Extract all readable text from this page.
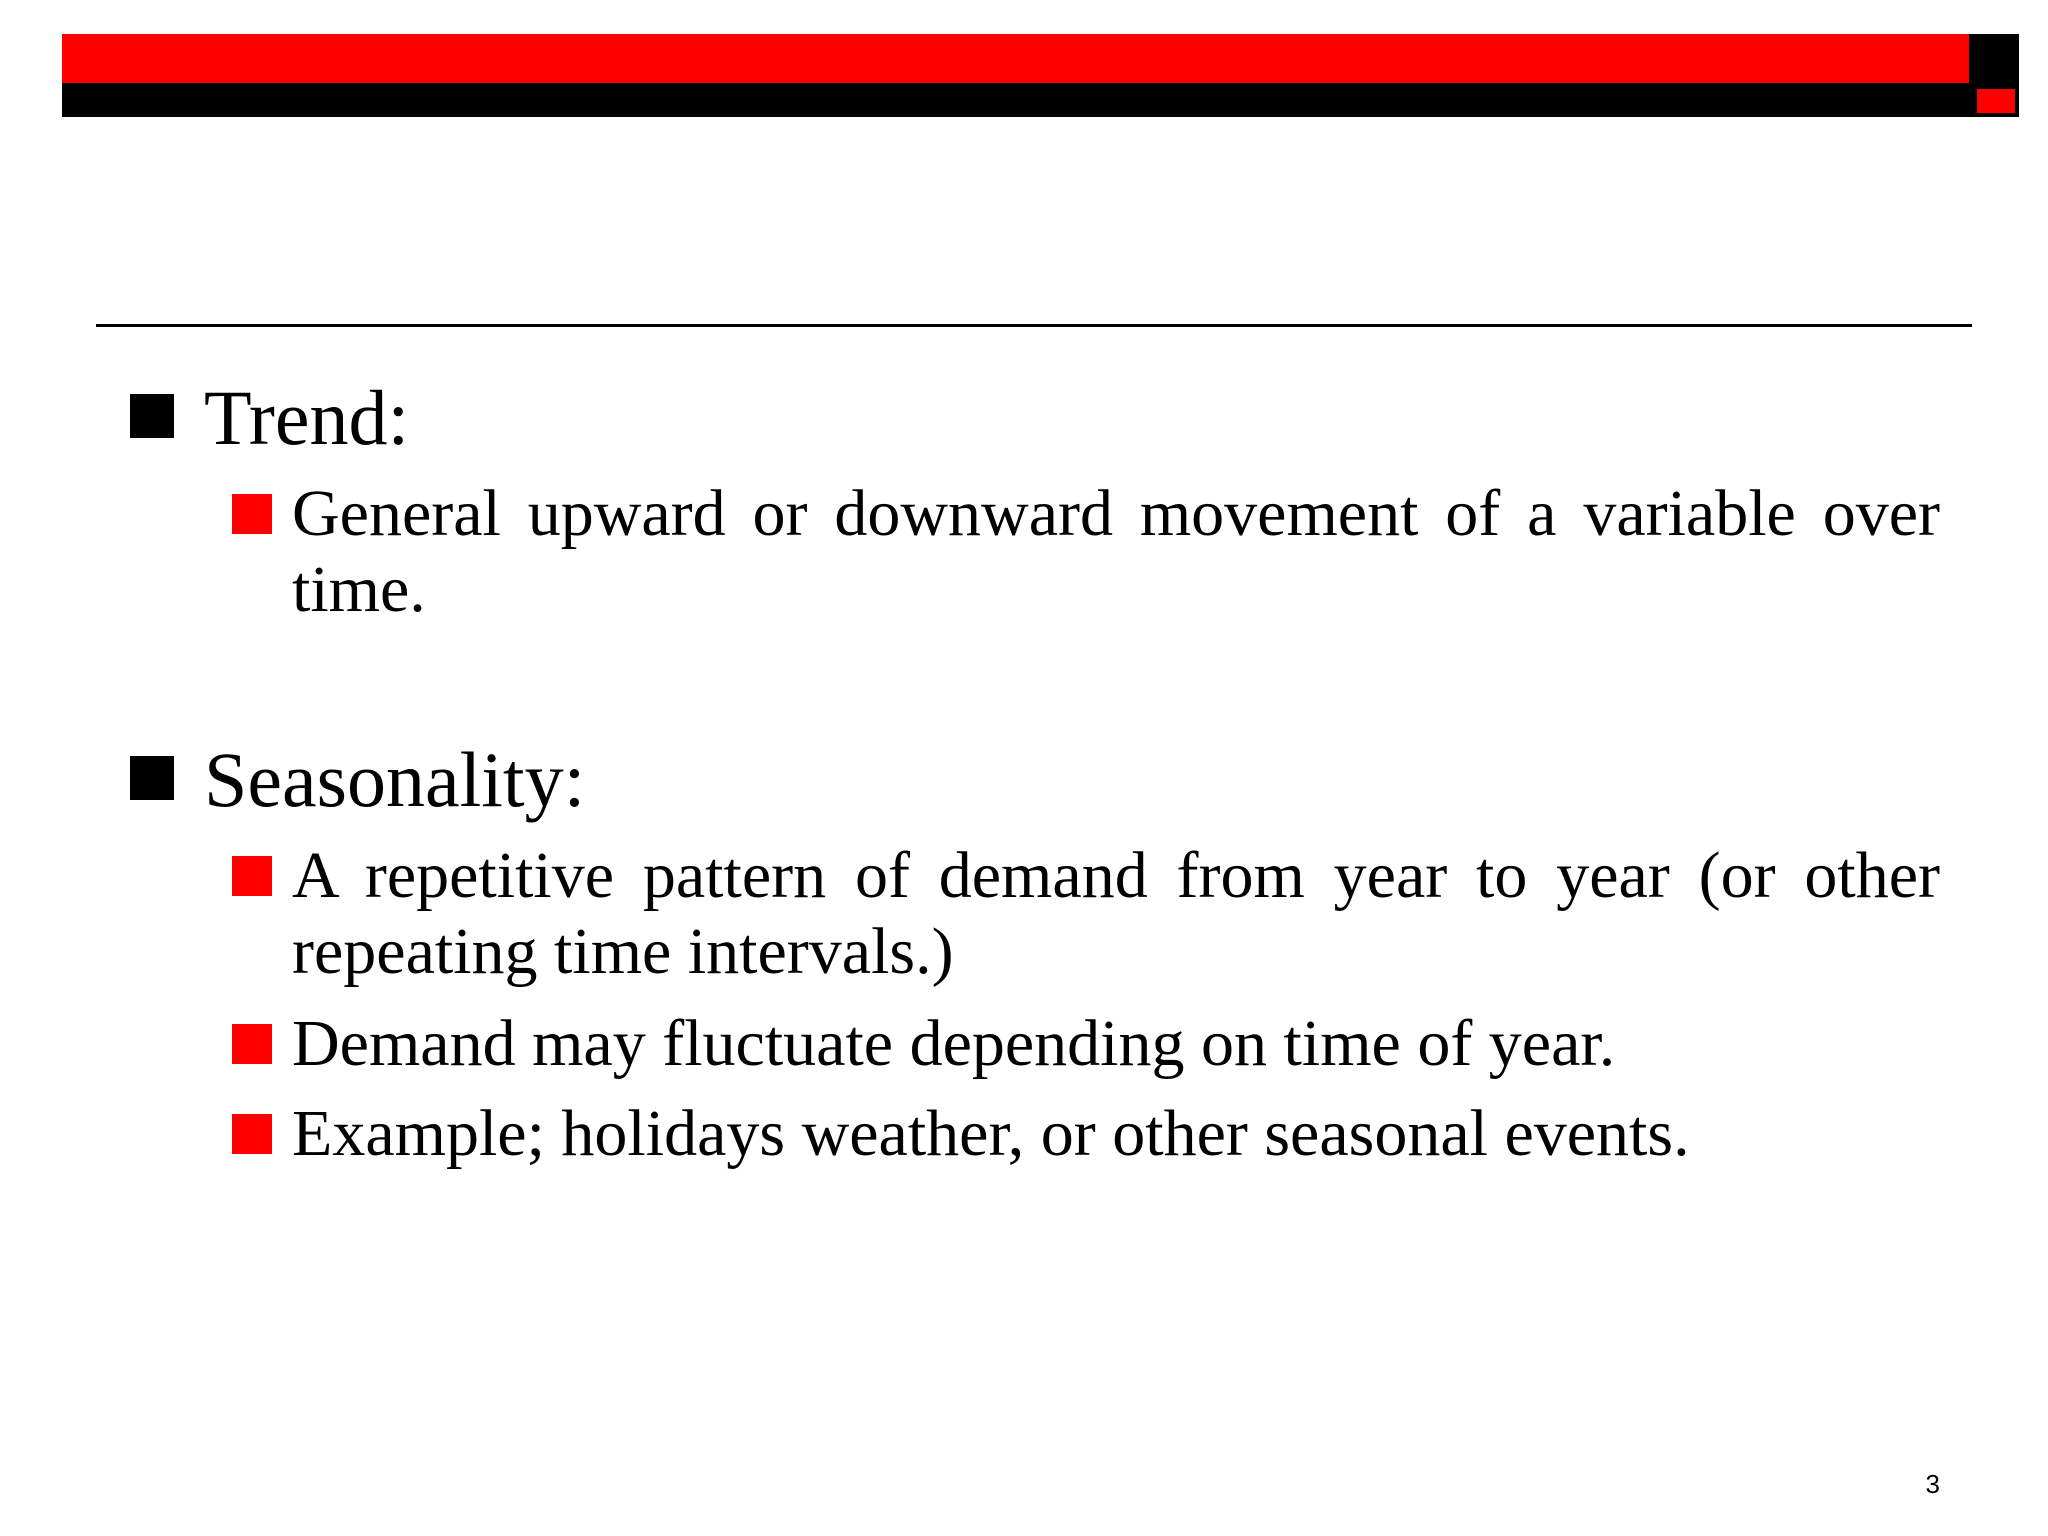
Trend:
General upward or downward movement of a variable over time.
Seasonality:
A repetitive pattern of demand from year to year (or other repeating time intervals.)
Demand may fluctuate depending on time of year.
Example; holidays weather, or other seasonal events.
3
